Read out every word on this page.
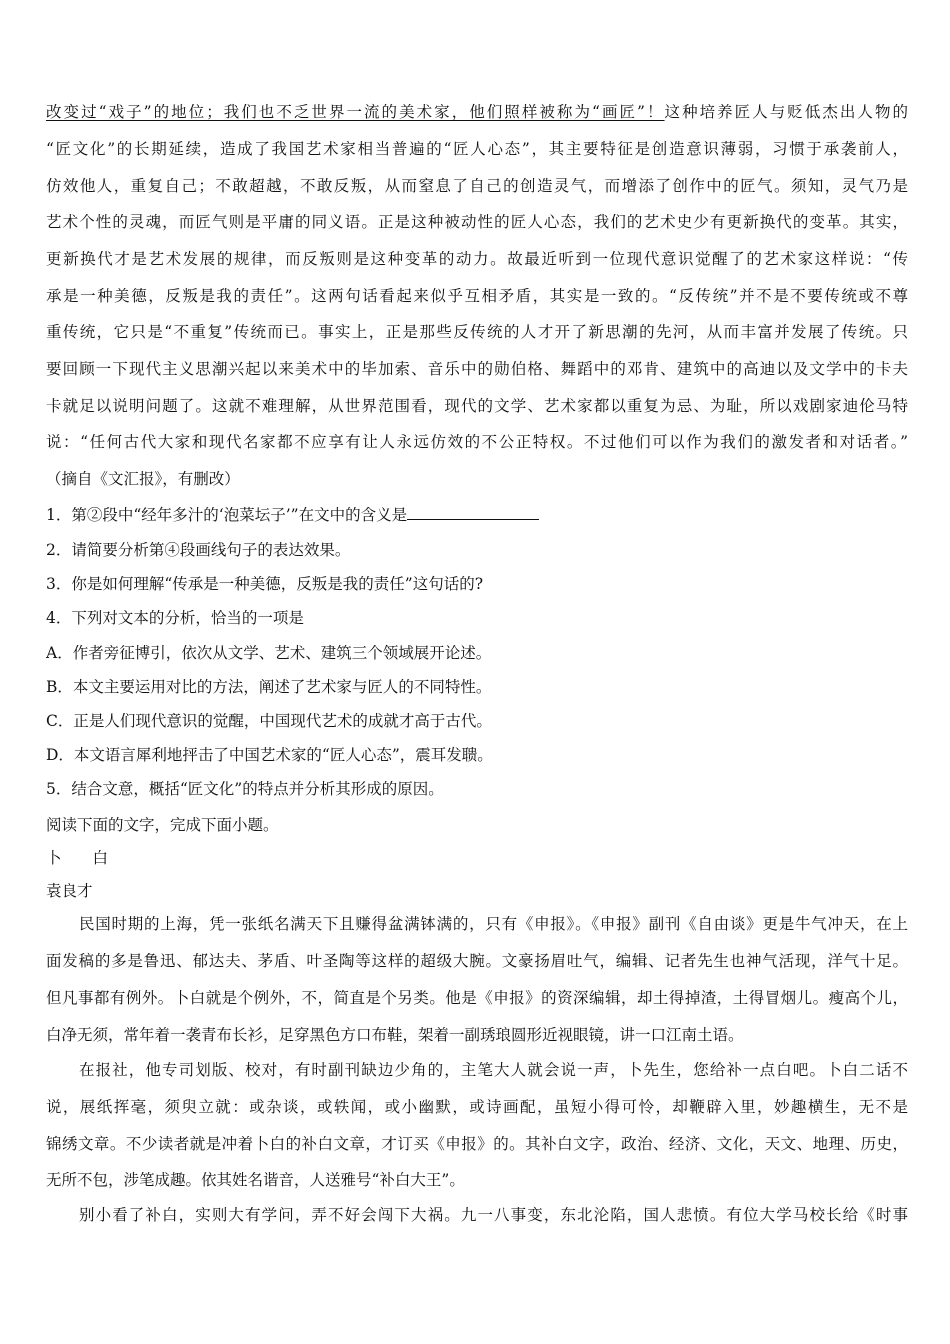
改变过“戏子”的地位；我们也不乏世界一流的美术家，他们照样被称为“画匠”！这种培养匠人与贬低杰出人物的
“匠文化”的长期延续，造成了我国艺术家相当普遍的“匠人心态”，其主要特征是创造意识薄弱，习惯于承袭前人，
仿效他人，重复自己；不敢超越，不敢反叛，从而窒息了自己的创造灵气，而增添了创作中的匠气。须知，灵气乃是
艺术个性的灵魂，而匠气则是平庸的同义语。正是这种被动性的匠人心态，我们的艺术史少有更新换代的变革。其实，
更新换代才是艺术发展的规律，而反叛则是这种变革的动力。故最近听到一位现代意识觉醒了的艺术家这样说：“传
承是一种美德，反叛是我的责任”。这两句话看起来似乎互相矛盾，其实是一致的。“反传统”并不是不要传统或不尊
重传统，它只是“不重复”传统而已。事实上，正是那些反传统的人才开了新思潮的先河，从而丰富并发展了传统。只
要回顾一下现代主义思潮兴起以来美术中的毕加索、音乐中的勋伯格、舞蹈中的邓肯、建筑中的高迪以及文学中的卡夫
卡就足以说明问题了。这就不难理解，从世界范围看，现代的文学、艺术家都以重复为忌、为耻，所以戏剧家迪伦马特
说：“任何古代大家和现代名家都不应享有让人永远仿效的不公正特权。不过他们可以作为我们的激发者和对话者。”
（摘自《文汇报》，有删改）
1．第②段中“经年多汁的‘泡菜坛子’”在文中的含义是
2．请简要分析第④段画线句子的表达效果。
3．你是如何理解“传承是一种美德，反叛是我的责任”这句话的?
4．下列对文本的分析，恰当的一项是
A．作者旁征博引，依次从文学、艺术、建筑三个领域展开论述。
B．本文主要运用对比的方法，阐述了艺术家与匠人的不同特性。
C．正是人们现代意识的觉醒，中国现代艺术的成就才高于古代。
D．本文语言犀利地抨击了中国艺术家的“匠人心态”，震耳发聩。
5．结合文意，概括“匠文化”的特点并分析其形成的原因。
阅读下面的文字，完成下面小题。
卜　　白
袁良才
民国时期的上海，凭一张纸名满天下且赚得盆满钵满的，只有《申报》。《申报》副刊《自由谈》更是牛气冲天，在上
面发稿的多是鲁迅、郁达夫、茅盾、叶圣陶等这样的超级大腕。文豪扬眉吐气，编辑、记者先生也神气活现，洋气十足。
但凡事都有例外。卜白就是个例外，不，简直是个另类。他是《申报》的资深编辑，却土得掉渣，土得冒烟儿。瘦高个儿，
白净无须，常年着一袭青布长衫，足穿黑色方口布鞋，架着一副琇琅圆形近视眼镜，讲一口江南土语。
在报社，他专司划版、校对，有时副刊缺边少角的，主笔大人就会说一声，卜先生，您给补一点白吧。卜白二话不
说，展纸挥毫，须臾立就：或杂谈，或轶闻，或小幽默，或诗画配，虽短小得可怜，却鞭辟入里，妙趣横生，无不是
锦绣文章。不少读者就是冲着卜白的补白文章，才订买《申报》的。其补白文字，政治、经济、文化，天文、地理、历史，
无所不包，涉笔成趣。依其姓名谐音，人送雅号“补白大王”。
别小看了补白，实则大有学问，弄不好会闯下大祸。九一八事变，东北沦陷，国人悲愤。有位大学马校长给《时事
